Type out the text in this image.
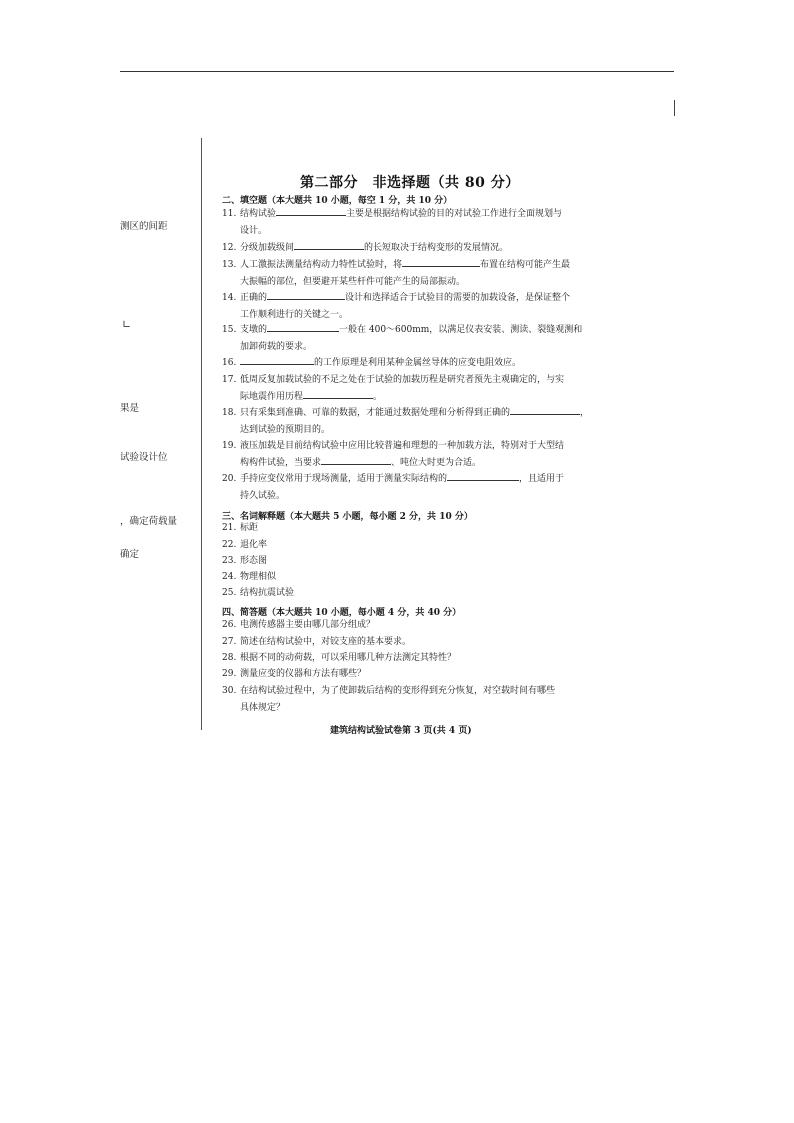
测区的间距
∟
果是
试验设计位
，确定荷载量
确定
第二部分　非选择题（共 80 分）
二、填空题（本大题共 10 小题，每空 1 分，共 10 分）
11. 结构试验	主要是根据结构试验的目的对试验工作进行全面规划与
设计。
12. 分级加载级间	的长短取决于结构变形的发展情况。
13. 人工激振法测量结构动力特性试验时，将	布置在结构可能产生最
大振幅的部位，但要避开某些杆件可能产生的局部振动。
14. 正确的	设计和选择适合于试验目的需要的加载设备，是保证整个
工作顺利进行的关键之一。
15. 支墩的	一般在 400～600mm，以满足仪表安装、测读、裂缝观测和
加卸荷载的要求。
16.	的工作原理是利用某种金属丝导体的应变电阻效应。
17. 低周反复加载试验的不足之处在于试验的加载历程是研究者预先主观确定的，与实
际地震作用历程	。
18. 只有采集到准确、可靠的数据，才能通过数据处理和分析得到正确的	，
达到试验的预期目的。
19. 液压加载是目前结构试验中应用比较普遍和理想的一种加载方法，特别对于大型结
构构件试验，当要求	、吨位大时更为合适。
20. 手持应变仪常用于现场测量，适用于测量实际结构的	，且适用于
持久试验。
三、名词解释题（本大题共 5 小题，每小题 2 分，共 10 分）
21. 标距
22. 退化率
23. 形态图
24. 物理相似
25. 结构抗震试验
四、简答题（本大题共 10 小题，每小题 4 分，共 40 分）
26. 电测传感器主要由哪几部分组成？
27. 简述在结构试验中，对铰支座的基本要求。
28. 根据不同的动荷载，可以采用哪几种方法测定其特性？
29. 测量应变的仪器和方法有哪些？
30. 在结构试验过程中，为了使卸载后结构的变形得到充分恢复，对空载时间有哪些
具体规定？
建筑结构试验试卷第 3 页(共 4 页)
